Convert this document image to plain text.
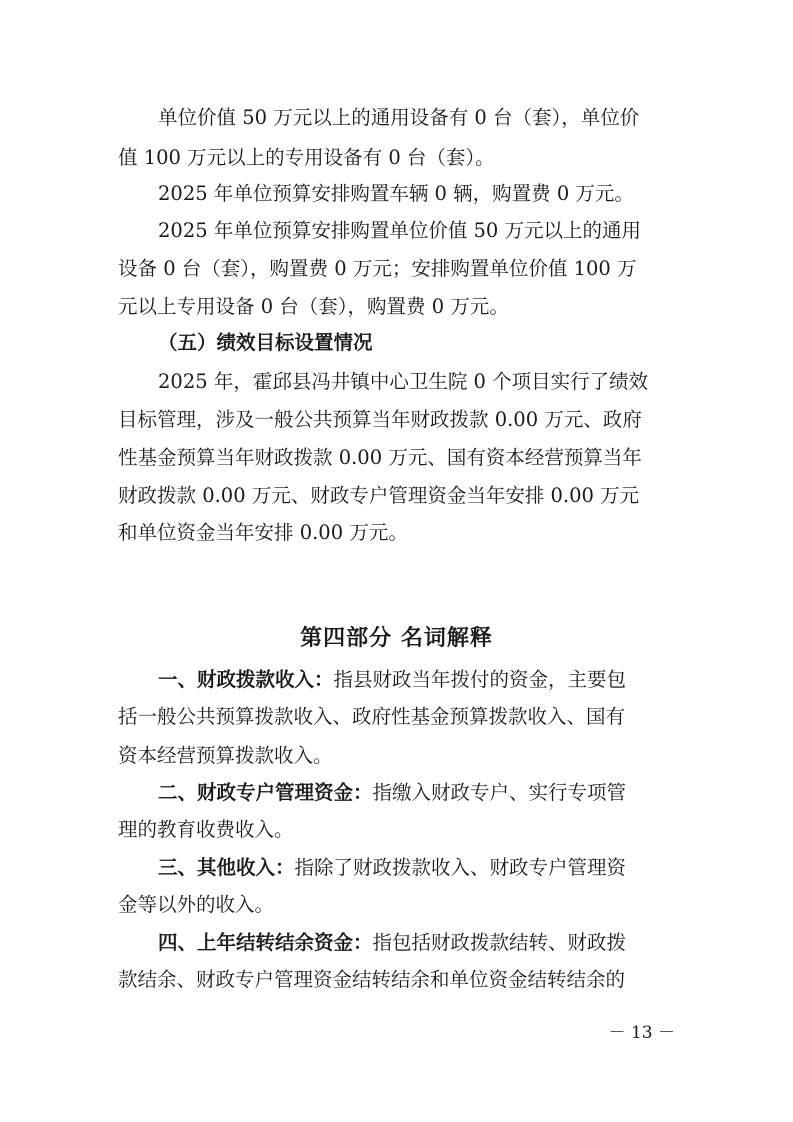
单位价值 50 万元以上的通用设备有 0 台（套），单位价
值 100 万元以上的专用设备有 0 台（套）。
2025 年单位预算安排购置车辆 0 辆，购置费 0 万元。
2025 年单位预算安排购置单位价值 50 万元以上的通用
设备 0 台（套），购置费 0 万元；安排购置单位价值 100 万
元以上专用设备 0 台（套），购置费 0 万元。
（五）绩效目标设置情况
2025 年，霍邱县冯井镇中心卫生院 0 个项目实行了绩效
目标管理，涉及一般公共预算当年财政拨款 0.00 万元、政府
性基金预算当年财政拨款 0.00 万元、国有资本经营预算当年
财政拨款 0.00 万元、财政专户管理资金当年安排 0.00 万元
和单位资金当年安排 0.00 万元。
第四部分 名词解释
一、财政拨款收入：指县财政当年拨付的资金，主要包
括一般公共预算拨款收入、政府性基金预算拨款收入、国有
资本经营预算拨款收入。
二、财政专户管理资金：指缴入财政专户、实行专项管
理的教育收费收入。
三、其他收入：指除了财政拨款收入、财政专户管理资
金等以外的收入。
四、上年结转结余资金：指包括财政拨款结转、财政拨
款结余、财政专户管理资金结转结余和单位资金结转结余的
－ 13 －
